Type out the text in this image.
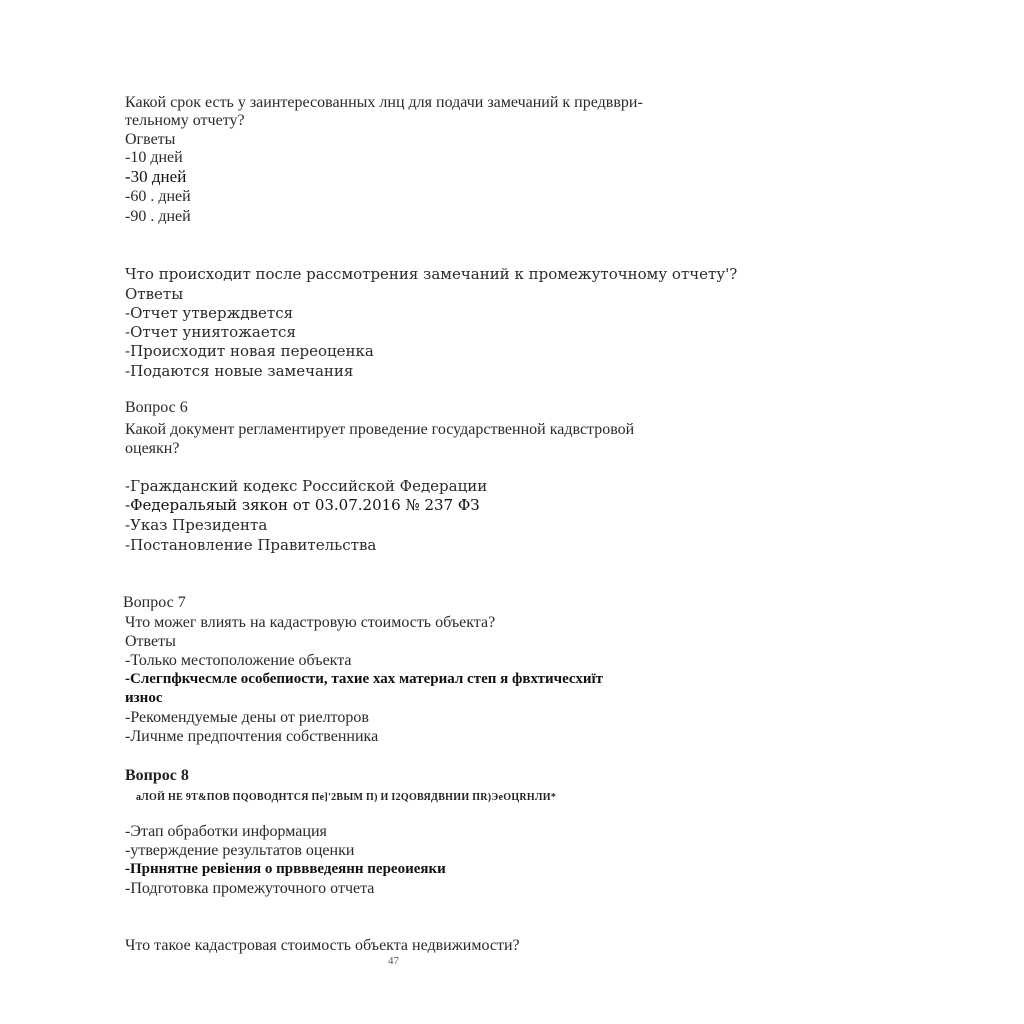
Какой срок есть у заинтересованных лнц для подачи замечаний к предвври-
тельному отчету?
Огветы
-10 дней
-30 дней
-60 . дней
-90 . дней
Что происходит после рассмотрения замечаний к промежуточному отчету'?
Ответы
-Отчет утверждвется
-Отчет униятожается
-Происходит новая переоценка
-Подаются новые замечания
Вопрос 6
Какой документ регламентирует проведение государственной кадвстровой
оцеякн?
-Гражданский кодекс Российской Федерации
-Федеральяый зякон от 03.07.2016 № 237 ФЗ
-Указ Президента
-Постановление Правительства
Вопрос 7
Что можег влиять на кадастровую стоимость объекта?
Ответы
-Только местоположение объекта
-Слегпфкчесмле особепиости, тахие хах материал степ я фвхтичесхиїт
износ
-Рекомендуемые дены от риелторов
-Личнме предпочтения собственника
Вопрос 8
аЛОЙ НЕ 9Т&ПОВ ПQОВОДНТСЯ Пе]'2ВЫМ П) И I2QОВЯДВНИИ ПR)ЭеОЦRНЛИ*
-Этап обработки информация
-утверждение результатов оценки
-Прннятне ревіения о прввведеянн переоиеяки
-Подготовка промежуточного отчета
Что такое кадастровая стоимость объекта недвижимости?
47
